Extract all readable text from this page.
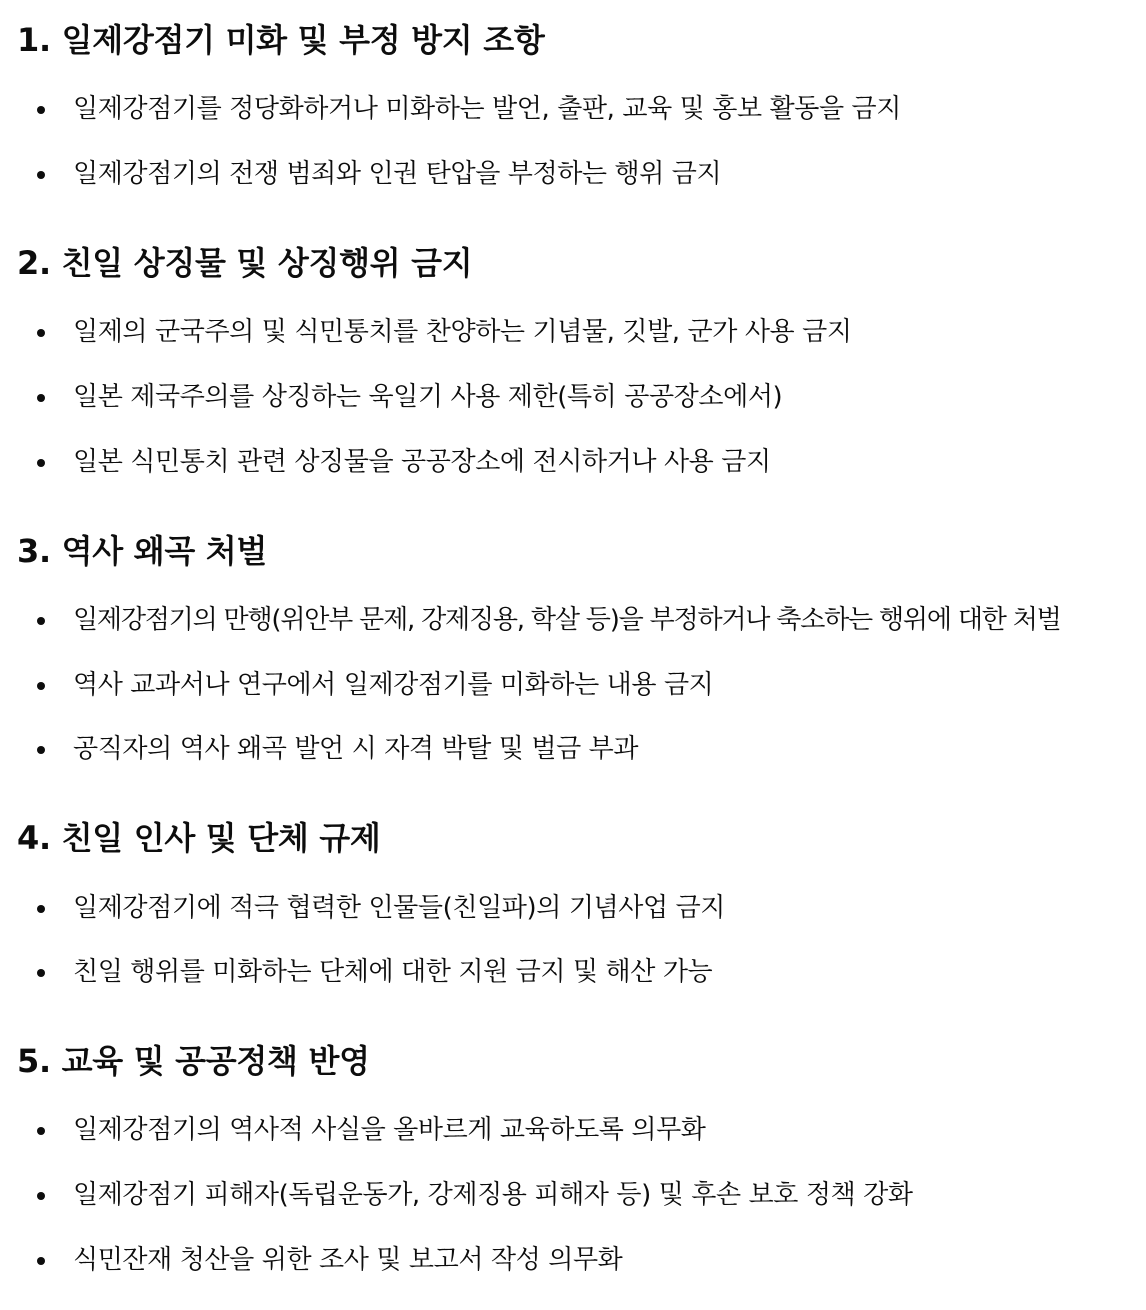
1. 일제강점기 미화 및 부정 방지 조항
일제강점기를 정당화하거나 미화하는 발언, 출판, 교육 및 홍보 활동을 금지
일제강점기의 전쟁 범죄와 인권 탄압을 부정하는 행위 금지
2. 친일 상징물 및 상징행위 금지
일제의 군국주의 및 식민통치를 찬양하는 기념물, 깃발, 군가 사용 금지
일본 제국주의를 상징하는 욱일기 사용 제한(특히 공공장소에서)
일본 식민통치 관련 상징물을 공공장소에 전시하거나 사용 금지
3. 역사 왜곡 처벌
일제강점기의 만행(위안부 문제, 강제징용, 학살 등)을 부정하거나 축소하는 행위에 대한 처벌
역사 교과서나 연구에서 일제강점기를 미화하는 내용 금지
공직자의 역사 왜곡 발언 시 자격 박탈 및 벌금 부과
4. 친일 인사 및 단체 규제
일제강점기에 적극 협력한 인물들(친일파)의 기념사업 금지
친일 행위를 미화하는 단체에 대한 지원 금지 및 해산 가능
5. 교육 및 공공정책 반영
일제강점기의 역사적 사실을 올바르게 교육하도록 의무화
일제강점기 피해자(독립운동가, 강제징용 피해자 등) 및 후손 보호 정책 강화
식민잔재 청산을 위한 조사 및 보고서 작성 의무화
